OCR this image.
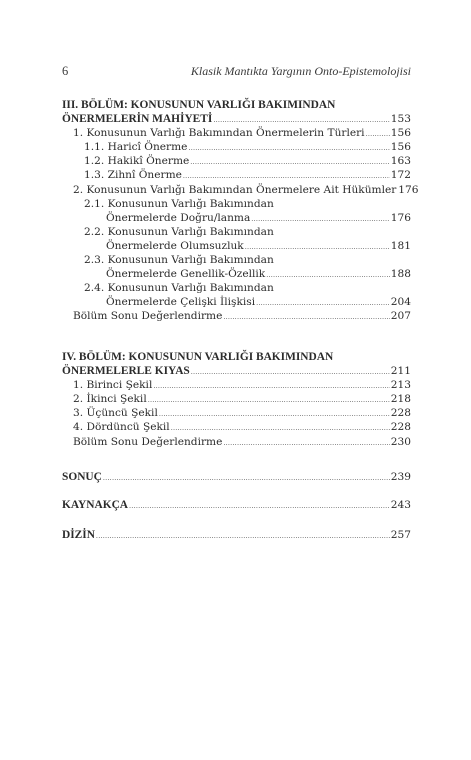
6	Klasik Mantıkta Yargının Onto-Epistemolojisi
III. BÖLÜM: KONUSUNUN VARLIĞI BAKIMINDAN
ÖNERMELERİN MAHİYETİ .....	153
1. Konusunun Varlığı Bakımından Önermelerin Türleri ..... 156
1.1. Haricî Önerme .....	156
1.2. Hakikî Önerme .....	163
1.3. Zihnî Önerme .....	172
2. Konusunun Varlığı Bakımından Önermelere Ait Hükümler 176
2.1. Konusunun Varlığı Bakımından
Önermelerde Doğru/lanma .....	176
2.2. Konusunun Varlığı Bakımından
Önermelerde Olumsuzluk .....	181
2.3. Konusunun Varlığı Bakımından
Önermelerde Genellik-Özellik .....	188
2.4. Konusunun Varlığı Bakımından
Önermelerde Çelişki İlişkisi .....	204
Bölüm Sonu Değerlendirme .....	207
IV. BÖLÜM: KONUSUNUN VARLIĞI BAKIMINDAN
ÖNERMELERLE KIYAS .....	211
1. Birinci Şekil .....	213
2. İkinci Şekil .....	218
3. Üçüncü Şekil .....	228
4. Dördüncü Şekil .....	228
Bölüm Sonu Değerlendirme .....	230
SONUÇ .....	239
KAYNAKÇA .....	243
DİZİN .....	257
